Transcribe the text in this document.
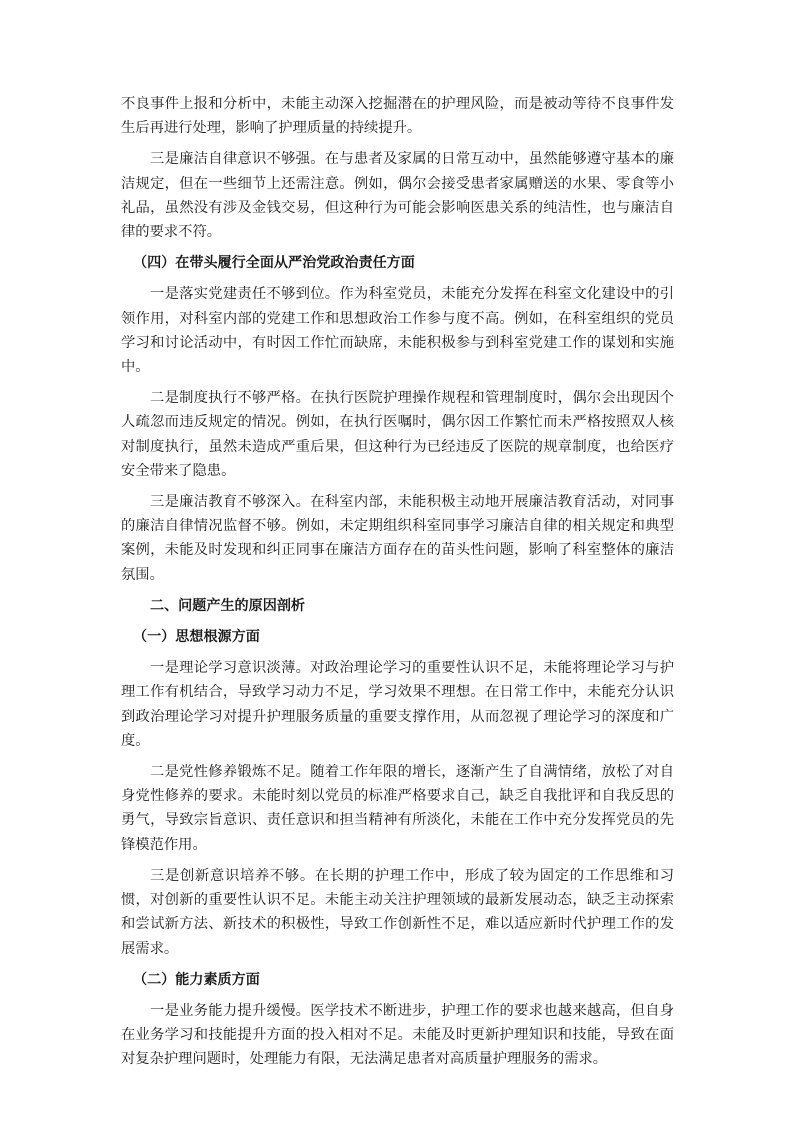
不良事件上报和分析中，未能主动深入挖掘潜在的护理风险，而是被动等待不良事件发生后再进行处理，影响了护理质量的持续提升。

三是廉洁自律意识不够强。在与患者及家属的日常互动中，虽然能够遵守基本的廉洁规定，但在一些细节上还需注意。例如，偶尔会接受患者家属赠送的水果、零食等小礼品，虽然没有涉及金钱交易，但这种行为可能会影响医患关系的纯洁性，也与廉洁自律的要求不符。

（四）在带头履行全面从严治党政治责任方面

一是落实党建责任不够到位。作为科室党员，未能充分发挥在科室文化建设中的引领作用，对科室内部的党建工作和思想政治工作参与度不高。例如，在科室组织的党员学习和讨论活动中，有时因工作忙而缺席，未能积极参与到科室党建工作的谋划和实施中。

二是制度执行不够严格。在执行医院护理操作规程和管理制度时，偶尔会出现因个人疏忽而违反规定的情况。例如，在执行医嘱时，偶尔因工作繁忙而未严格按照双人核对制度执行，虽然未造成严重后果，但这种行为已经违反了医院的规章制度，也给医疗安全带来了隐患。

三是廉洁教育不够深入。在科室内部，未能积极主动地开展廉洁教育活动，对同事的廉洁自律情况监督不够。例如，未定期组织科室同事学习廉洁自律的相关规定和典型案例，未能及时发现和纠正同事在廉洁方面存在的苗头性问题，影响了科室整体的廉洁氛围。

二、问题产生的原因剖析

（一）思想根源方面

一是理论学习意识淡薄。对政治理论学习的重要性认识不足，未能将理论学习与护理工作有机结合，导致学习动力不足，学习效果不理想。在日常工作中，未能充分认识到政治理论学习对提升护理服务质量的重要支撑作用，从而忽视了理论学习的深度和广度。

二是党性修养锻炼不足。随着工作年限的增长，逐渐产生了自满情绪，放松了对自身党性修养的要求。未能时刻以党员的标准严格要求自己，缺乏自我批评和自我反思的勇气，导致宗旨意识、责任意识和担当精神有所淡化，未能在工作中充分发挥党员的先锋模范作用。

三是创新意识培养不够。在长期的护理工作中，形成了较为固定的工作思维和习惯，对创新的重要性认识不足。未能主动关注护理领域的最新发展动态，缺乏主动探索和尝试新方法、新技术的积极性，导致工作创新性不足，难以适应新时代护理工作的发展需求。

（二）能力素质方面

一是业务能力提升缓慢。医学技术不断进步，护理工作的要求也越来越高，但自身在业务学习和技能提升方面的投入相对不足。未能及时更新护理知识和技能，导致在面对复杂护理问题时，处理能力有限，无法满足患者对高质量护理服务的需求。
